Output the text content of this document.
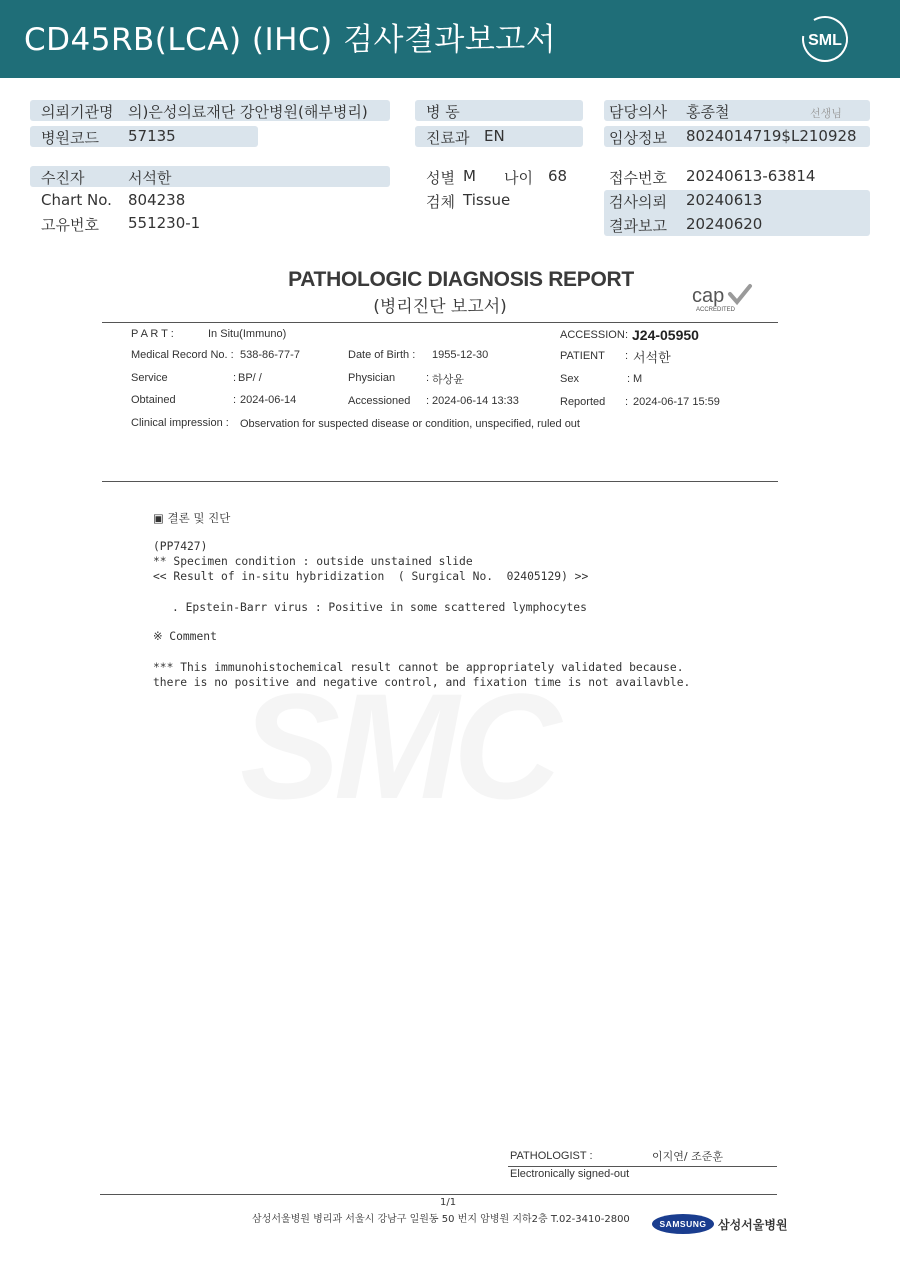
CD45RB(LCA) (IHC) 검사결과보고서	SML
의뢰기관명 의)은성의료재단 강안병원(해부병리)	병 동	담당의사 홍종철	선생님
병원코드 57135	진료과 EN	임상정보 8024014719$L210928
수진자	서석한	성별 M 나이 68	접수번호 20240613-63814
Chart No. 804238	검체 Tissue	검사의뢰 20240613
고유번호 551230-1	결과보고 20240620
PATHOLOGIC DIAGNOSIS REPORT
(병리진단 보고서)	cap
ACCREDITED
P A R T :	In Situ(Immuno)	ACCESSION : J24-05950
Medical Record No. : 538-86-77-7	Date of Birth : 1955-12-30	PATIENT : 서석한
Service	: BP/ /	Physician	: 하상윤	Sex	: M
Obtained	: 2024-06-14	Accessioned : 2024-06-14 13:33	Reported : 2024-06-17 15:59
Clinical impression : Observation for suspected disease or condition, unspecified, ruled out
▣ 결론 및 진단
(PP7427)
** Specimen condition : outside unstained slide
<< Result of in-situ hybridization  ( Surgical No.  02405129) >>
. Epstein-Barr virus : Positive in some scattered lymphocytes
※ Comment
*** This immunohistochemical result cannot be appropriately validated because.
there is no positive and negative control, and fixation time is not availavble.
PATHOLOGIST :	이지연/ 조준훈
Electronically signed-out
1/1
삼성서울병원 병리과 서울시 강남구 일원동 50 번지 암병원 지하2층 T.02-3410-2800	SAMSUNG 삼성서울병원
